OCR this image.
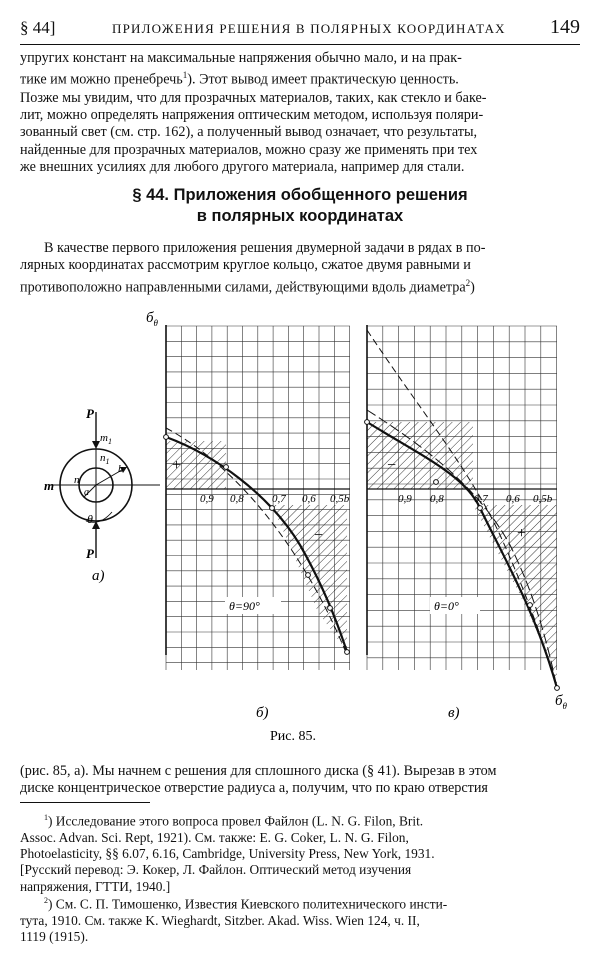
§ 44]	ПРИЛОЖЕНИЯ РЕШЕНИЯ В ПОЛЯРНЫХ КООРДИНАТАХ 149
упругих констант на максимальные напряжения обычно мало, и на прак-
тике им можно пренебречь$^1$). Этот вывод имеет практическую ценность.
Позже мы увидим, что для прозрачных материалов, таких, как стекло и баке-
лит, можно определять напряжения оптическим методом, используя поляри-
зованный свет (см. стр. 162), а полученный вывод означает, что результаты,
найденные для прозрачных материалов, можно сразу же применять при тех
же внешних усилиях для любого другого материала, например для стали.
§ 44. Приложения обобщенного решения
в полярных координатах
В качестве первого приложения решения двумерной задачи в рядах в по-
лярных координатах рассмотрим круглое кольцо, сжатое двумя равными и
противоположно направленными силами, действующими вдоль диаметра$^2$)
P
P
m
$m_1$
n
$n_1$
b
a
θ
а)
$б_\theta$
0,9 0,8	0,7 0,6 0,5b
+
−
θ=90°
б)
$б_\theta$
0,9 0,8	0,7 0,6 0,5b
−
+
θ=0°
в)
Рис. 85.
(рис. 85, а). Мы начнем с решения для сплошного диска (§ 41). Вырезав в этом
диске концентрическое отверстие радиуса а, получим, что по краю отверстия
$^1$) Исследование этого вопроса провел Файлон (L. N. G. Filon, Brit.
Assoc. Advan. Sci. Rept, 1921). См. также: E. G. Coker, L. N. G. Filon,
Photoelasticity, §§ 6.07, 6.16, Cambridge, University Press, New York, 1931.
[Русский перевод: Э. Кокер, Л. Файлон. Оптический метод изучения
напряжения, ГТТИ, 1940.]
$^2$) См. С. П. Тимошенко, Известия Киевского политехнического инсти-
тута, 1910. См. также K. Wieghardt, Sitzber. Akad. Wiss. Wien 124, ч. II,
1119 (1915).
